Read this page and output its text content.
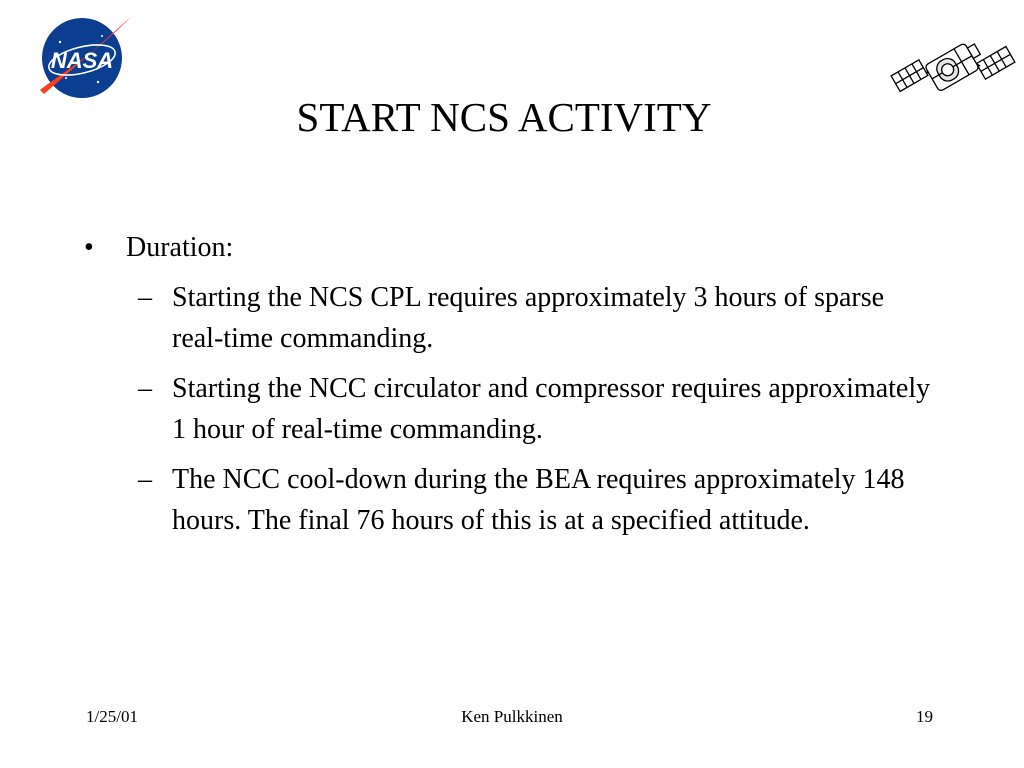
NASA
START NCS ACTIVITY
•	Duration:
– Starting the NCS CPL requires approximately 3 hours of sparse real-time commanding.
– Starting the NCC circulator and compressor requires approximately 1 hour of real-time commanding.
– The NCC cool-down during the BEA requires approximately 148 hours. The final 76 hours of this is at a specified attitude.
1/25/01	Ken Pulkkinen	19
